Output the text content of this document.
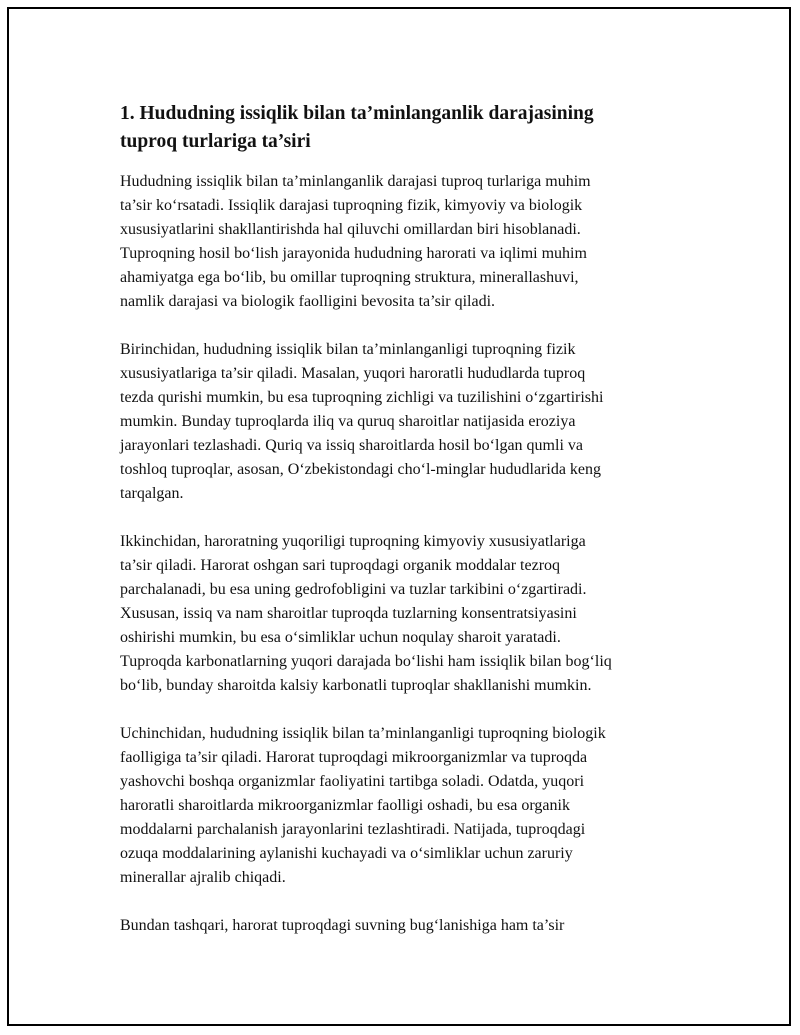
1. Hududning issiqlik bilan ta’minlanganlik darajasining
tuproq turlariga ta’siri

Hududning issiqlik bilan ta’minlanganlik darajasi tuproq turlariga muhim
ta’sir ko‘rsatadi. Issiqlik darajasi tuproqning fizik, kimyoviy va biologik
xususiyatlarini shakllantirishda hal qiluvchi omillardan biri hisoblanadi.
Tuproqning hosil bo‘lish jarayonida hududning harorati va iqlimi muhim
ahamiyatga ega bo‘lib, bu omillar tuproqning struktura, minerallashuvi,
namlik darajasi va biologik faolligini bevosita ta’sir qiladi.

Birinchidan, hududning issiqlik bilan ta’minlanganligi tuproqning fizik
xususiyatlariga ta’sir qiladi. Masalan, yuqori haroratli hududlarda tuproq
tezda qurishi mumkin, bu esa tuproqning zichligi va tuzilishini o‘zgartirishi
mumkin. Bunday tuproqlarda iliq va quruq sharoitlar natijasida eroziya
jarayonlari tezlashadi. Quriq va issiq sharoitlarda hosil bo‘lgan qumli va
toshloq tuproqlar, asosan, O‘zbekistondagi cho‘l-minglar hududlarida keng
tarqalgan.

Ikkinchidan, haroratning yuqoriligi tuproqning kimyoviy xususiyatlariga
ta’sir qiladi. Harorat oshgan sari tuproqdagi organik moddalar tezroq
parchalanadi, bu esa uning gedrofobligini va tuzlar tarkibini o‘zgartiradi.
Xususan, issiq va nam sharoitlar tuproqda tuzlarning konsentratsiyasini
oshirishi mumkin, bu esa o‘simliklar uchun noqulay sharoit yaratadi.
Tuproqda karbonatlarning yuqori darajada bo‘lishi ham issiqlik bilan bog‘liq
bo‘lib, bunday sharoitda kalsiy karbonatli tuproqlar shakllanishi mumkin.

Uchinchidan, hududning issiqlik bilan ta’minlanganligi tuproqning biologik
faolligiga ta’sir qiladi. Harorat tuproqdagi mikroorganizmlar va tuproqda
yashovchi boshqa organizmlar faoliyatini tartibga soladi. Odatda, yuqori
haroratli sharoitlarda mikroorganizmlar faolligi oshadi, bu esa organik
moddalarni parchalanish jarayonlarini tezlashtiradi. Natijada, tuproqdagi
ozuqa moddalarining aylanishi kuchayadi va o‘simliklar uchun zaruriy
minerallar ajralib chiqadi.

Bundan tashqari, harorat tuproqdagi suvning bug‘lanishiga ham ta’sir
